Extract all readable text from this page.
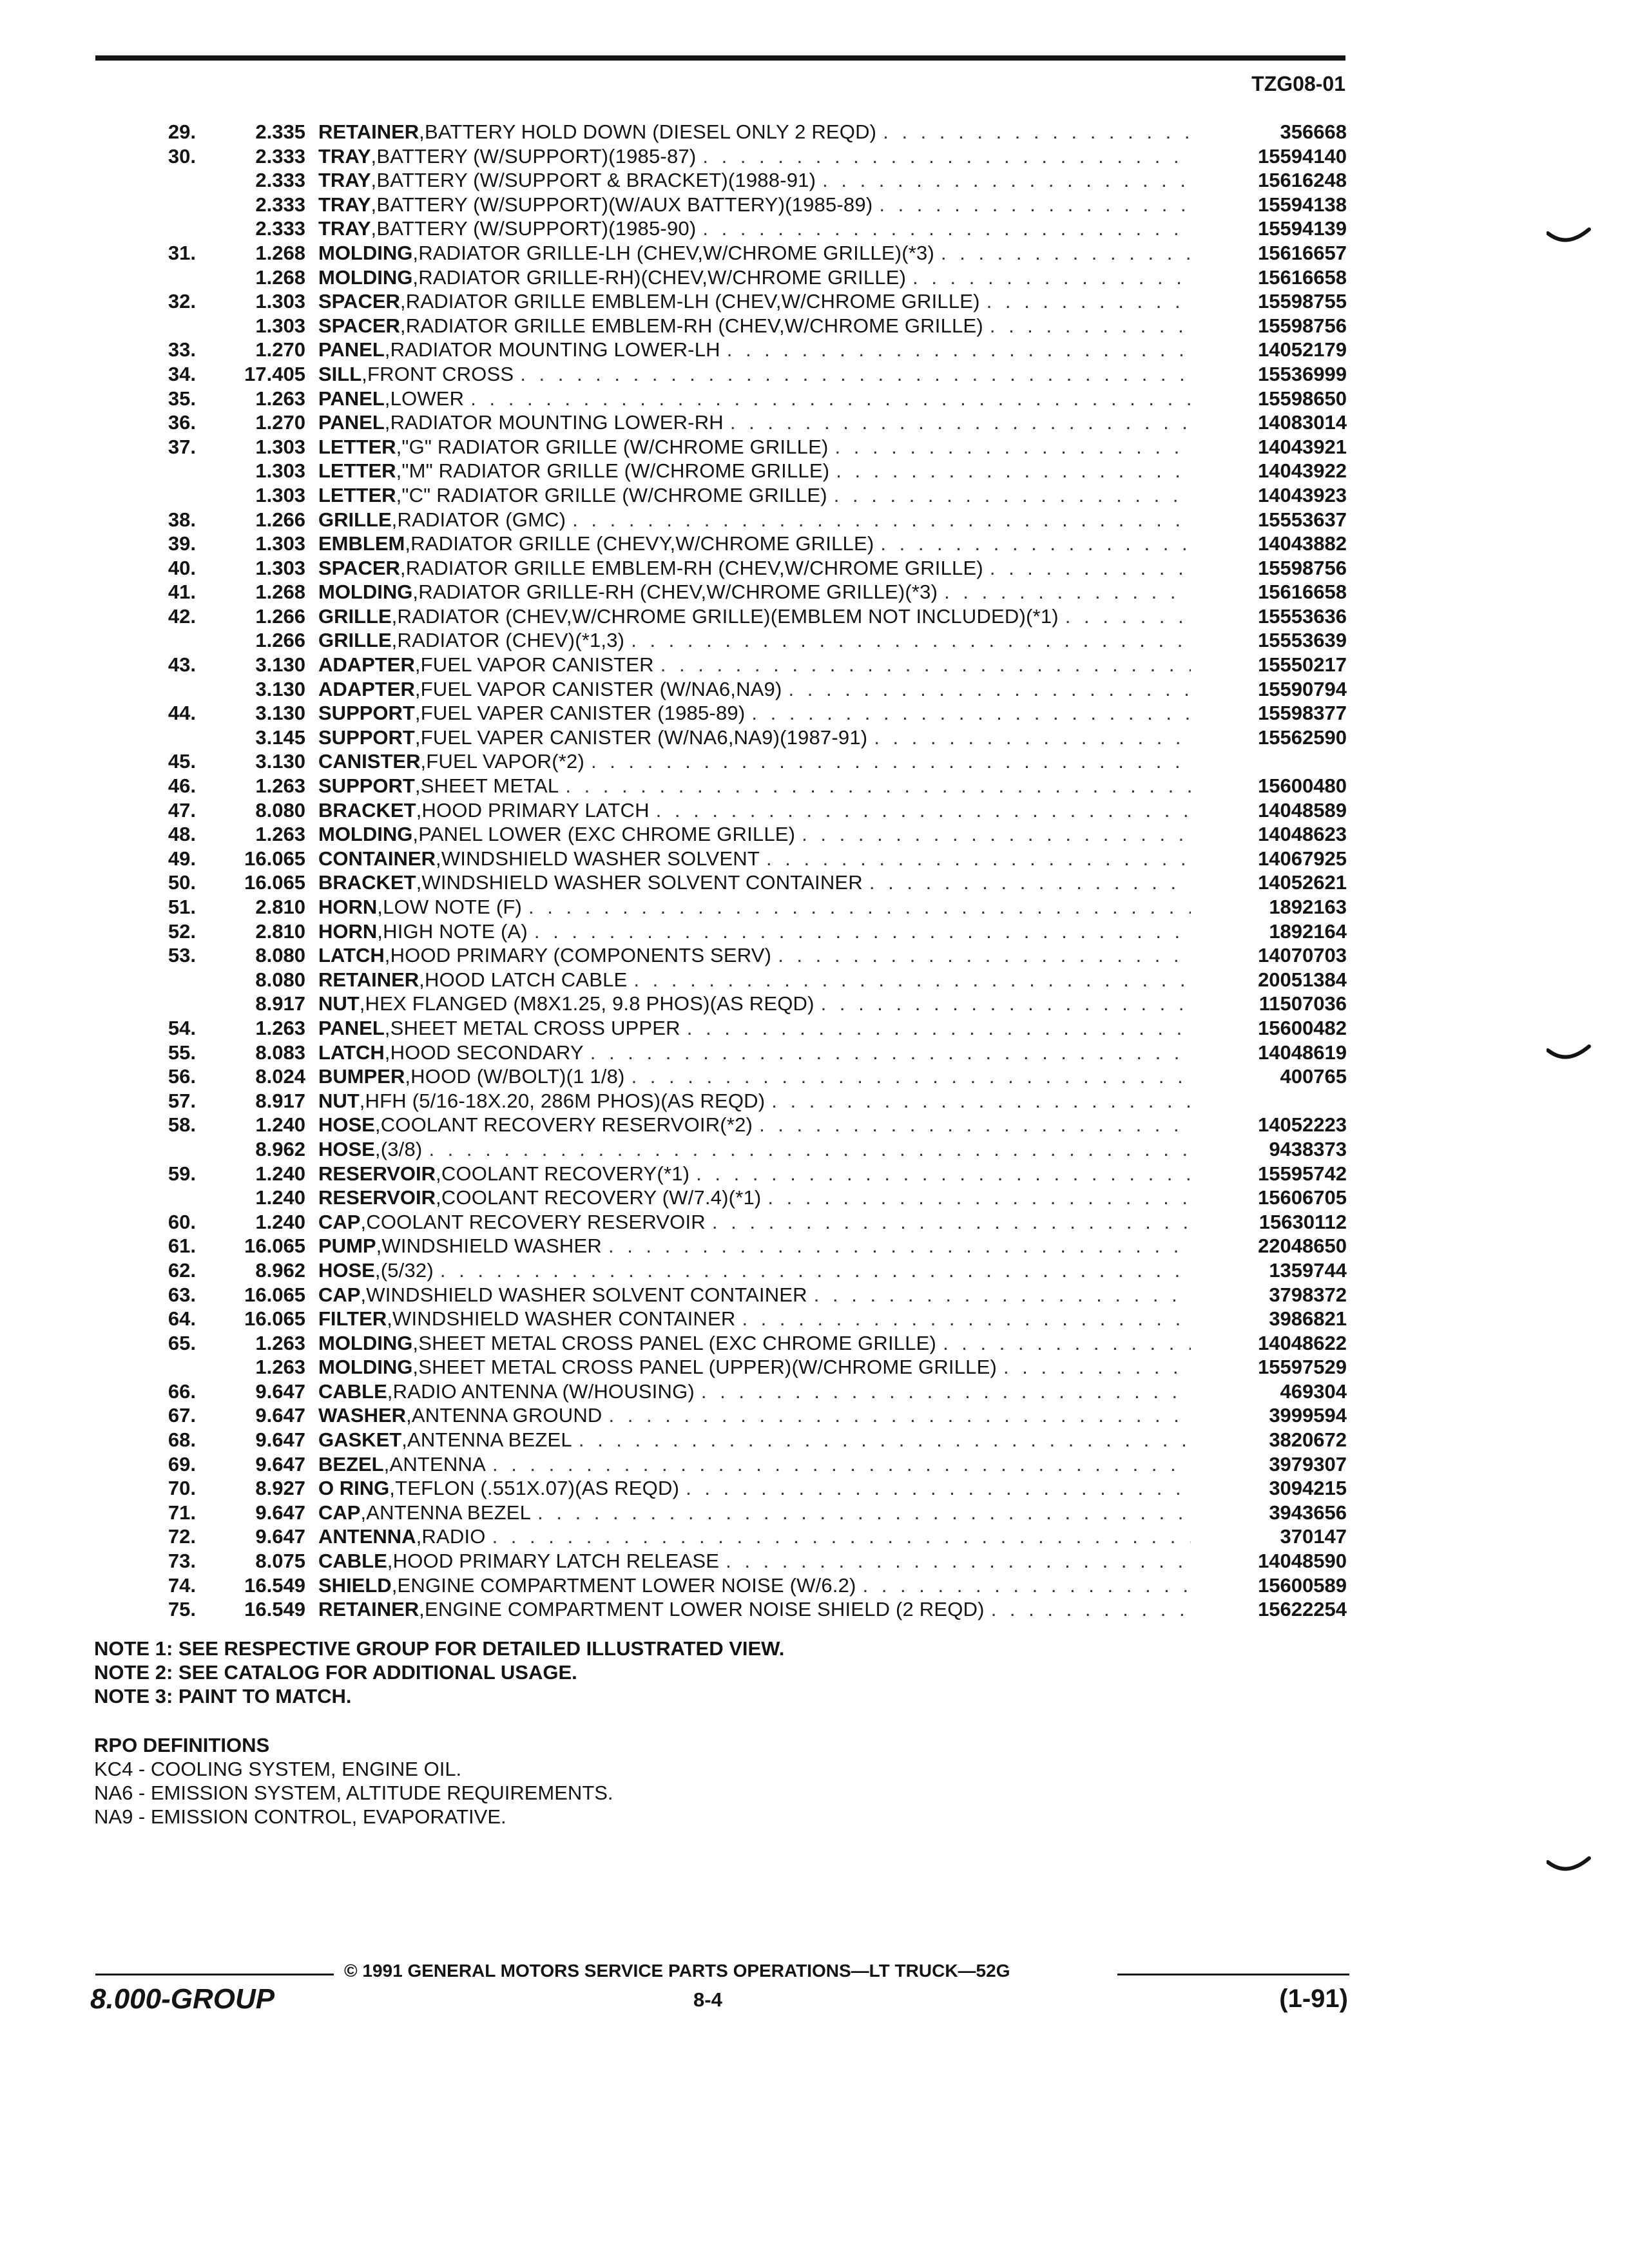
TZG08-01
29.	2.335 RETAINER , BATTERY HOLD DOWN (DIESEL ONLY 2 REQD) . . .	356668
30.	2.333 TRAY , BATTERY (W/SUPPORT)(1985-87) . . .	15594140
2.333 TRAY , BATTERY (W/SUPPORT & BRACKET)(1988-91) . . .	15616248
2.333 TRAY , BATTERY (W/SUPPORT)(W/AUX BATTERY)(1985-89) . . .	15594138
2.333 TRAY , BATTERY (W/SUPPORT)(1985-90) . . .	15594139
31.	1.268 MOLDING , RADIATOR GRILLE-LH (CHEV,W/CHROME GRILLE)(*3) . . .	15616657
1.268 MOLDING , RADIATOR GRILLE-RH)(CHEV,W/CHROME GRILLE) . . .	15616658
32.	1.303 SPACER , RADIATOR GRILLE EMBLEM-LH (CHEV,W/CHROME GRILLE) . . .	15598755
1.303 SPACER , RADIATOR GRILLE EMBLEM-RH (CHEV,W/CHROME GRILLE) . . .	15598756
33.	1.270 PANEL , RADIATOR MOUNTING LOWER-LH . . .	14052179
34.	17.405 SILL , FRONT CROSS . . .	15536999
35.	1.263 PANEL , LOWER . . .	15598650
36.	1.270 PANEL , RADIATOR MOUNTING LOWER-RH . . .	14083014
37.	1.303 LETTER , "G" RADIATOR GRILLE (W/CHROME GRILLE) . . .	14043921
1.303 LETTER , "M" RADIATOR GRILLE (W/CHROME GRILLE) . . .	14043922
1.303 LETTER , "C" RADIATOR GRILLE (W/CHROME GRILLE) . . .	14043923
38.	1.266 GRILLE , RADIATOR (GMC) . . .	15553637
39.	1.303 EMBLEM , RADIATOR GRILLE (CHEVY,W/CHROME GRILLE) . . .	14043882
40.	1.303 SPACER , RADIATOR GRILLE EMBLEM-RH (CHEV,W/CHROME GRILLE) . . .	15598756
41.	1.268 MOLDING , RADIATOR GRILLE-RH (CHEV,W/CHROME GRILLE)(*3) . . .	15616658
42.	1.266 GRILLE , RADIATOR (CHEV,W/CHROME GRILLE)(EMBLEM NOT INCLUDED)(*1) . . .	15553636
1.266 GRILLE , RADIATOR (CHEV)(*1,3) . . .	15553639
43.	3.130 ADAPTER , FUEL VAPOR CANISTER . . .	15550217
3.130 ADAPTER , FUEL VAPOR CANISTER (W/NA6,NA9) . . .	15590794
44.	3.130 SUPPORT , FUEL VAPER CANISTER (1985-89) . . .	15598377
3.145 SUPPORT , FUEL VAPER CANISTER (W/NA6,NA9)(1987-91) . . .	15562590
45.	3.130 CANISTER , FUEL VAPOR(*2)
. . .
46.	1.263 SUPPORT , SHEET METAL . . .	15600480
47.	8.080 BRACKET , HOOD PRIMARY LATCH . . .	14048589
48.	1.263 MOLDING , PANEL LOWER (EXC CHROME GRILLE) . . .	14048623
49.	16.065 CONTAINER , WINDSHIELD WASHER SOLVENT . . .	14067925
50.	16.065 BRACKET , WINDSHIELD WASHER SOLVENT CONTAINER . . .	14052621
51.	2.810 HORN , LOW NOTE (F) . . .	1892163
52.	2.810 HORN , HIGH NOTE (A) . . .	1892164
53.	8.080 LATCH , HOOD PRIMARY (COMPONENTS SERV) . . .	14070703
8.080 RETAINER , HOOD LATCH CABLE . . .	20051384
8.917 NUT , HEX FLANGED (M8X1.25, 9.8 PHOS)(AS REQD) . . .	11507036
54.	1.263 PANEL , SHEET METAL CROSS UPPER . . .	15600482
55.	8.083 LATCH , HOOD SECONDARY . . .	14048619
56.	8.024 BUMPER , HOOD (W/BOLT)(1 1/8) . . .	400765
57.	8.917 NUT , HFH (5/16-18X.20, 286M PHOS)(AS REQD)
. . .
58.	1.240 HOSE , COOLANT RECOVERY RESERVOIR(*2) . . .	14052223
8.962 HOSE , (3/8) . . .	9438373
59.	1.240 RESERVOIR , COOLANT RECOVERY(*1) . . .	15595742
1.240 RESERVOIR , COOLANT RECOVERY (W/7.4)(*1) . . .	15606705
60.	1.240 CAP , COOLANT RECOVERY RESERVOIR . . .	15630112
61.	16.065 PUMP , WINDSHIELD WASHER . . .	22048650
62.	8.962 HOSE , (5/32) . . .	1359744
63.	16.065 CAP , WINDSHIELD WASHER SOLVENT CONTAINER . . .	3798372
64.	16.065 FILTER , WINDSHIELD WASHER CONTAINER . . .	3986821
65.	1.263 MOLDING , SHEET METAL CROSS PANEL (EXC CHROME GRILLE) . . .	14048622
1.263 MOLDING , SHEET METAL CROSS PANEL (UPPER)(W/CHROME GRILLE) . . .	15597529
66.	9.647 CABLE , RADIO ANTENNA (W/HOUSING) . . .	469304
67.	9.647 WASHER , ANTENNA GROUND . . .	3999594
68.	9.647 GASKET , ANTENNA BEZEL . . .	3820672
69.	9.647 BEZEL , ANTENNA . . .	3979307
70.	8.927 O RING , TEFLON (.551X.07)(AS REQD) . . .	3094215
71.	9.647 CAP , ANTENNA BEZEL . . .	3943656
72.	9.647 ANTENNA , RADIO . . .	370147
73.	8.075 CABLE , HOOD PRIMARY LATCH RELEASE . . .	14048590
74.	16.549 SHIELD , ENGINE COMPARTMENT LOWER NOISE (W/6.2) . . .	15600589
75.	16.549 RETAINER , ENGINE COMPARTMENT LOWER NOISE SHIELD (2 REQD) . . .	15622254
NOTE 1: SEE RESPECTIVE GROUP FOR DETAILED ILLUSTRATED VIEW.
NOTE 2: SEE CATALOG FOR ADDITIONAL USAGE.
NOTE 3: PAINT TO MATCH.
RPO DEFINITIONS
KC4 - COOLING SYSTEM, ENGINE OIL.
NA6 - EMISSION SYSTEM, ALTITUDE REQUIREMENTS.
NA9 - EMISSION CONTROL, EVAPORATIVE.
© 1991 GENERAL MOTORS SERVICE PARTS OPERATIONS—LT TRUCK—52G
8.000-GROUP	8-4	(1-91)
